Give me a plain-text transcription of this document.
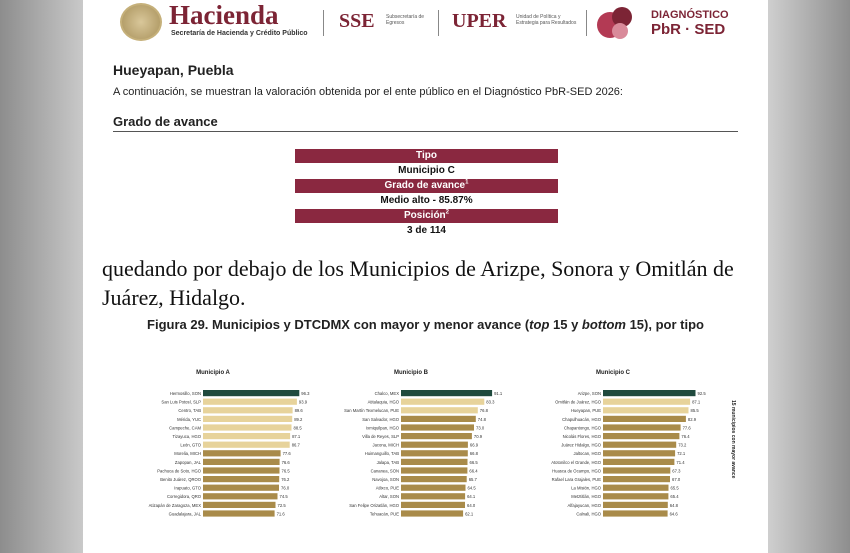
Hacienda
Secretaría de Hacienda y Crédito Público
SSE Subsecretaría de Egresos	UPER Unidad de Política y Estrategia para Resultados
DIAGNÓSTICO
PbR · SED
Hueyapan, Puebla
A continuación, se muestran la valoración obtenida por el ente público en el Diagnóstico PbR-SED 2026:
Grado de avance
Tipo
Municipio C
Grado de avance$^1$
Medio alto - 85.87%
Posición$^2$
3 de 114
quedando por debajo de los Municipios de Arizpe, Sonora y Omitlán de Juárez, Hidalgo.
Figura 29. Municipios y DTCDMX con mayor y menor avance (top 15 y bottom 15), por tipo
Municipio A
Hermosillo, SON	96.3
San Luis Potosí, SLP	93.9
Centro, TAB	89.6
Mérida, YUC	89.2
Campeche, CAM	88.5
Tizayuca, HGO	87.1
León, GTO	86.7
Morelia, MICH	77.6
Zapopan, JAL	76.6
Pachuca de Soto, HGO	76.5
Benito Juárez, QROO	76.2
Irapuato, GTO	76.0
Corregidora, QRO	74.5
Atizapán de Zaragoza, MEX	72.5
Guadalajara, JAL	71.6
Municipio B
Chalco, MEX	91.1
Atitalaquia, HGO	83.3
San Martín Texmelucan, PUE	76.8
San Salvador, HGO	74.8
Ixmiquilpan, HGO	73.0
Villa de Reyes, SLP	70.9
Jacona, MICH	66.9
Huimanguillo, TAB	66.8
Jalapa, TAB	66.5
Cananea, SON	66.4
Navojoa, SON	65.7
Atlixco, PUE	64.5
Altar, SON	64.1
San Felipe Orizatlán, HGO	64.0
Tehuacán, PUE	62.1
Municipio C
Arizpe, SON	92.5
Omitlán de Juárez, HGO	87.1
Hueyapan, PUE	85.5
Chapulhuacán, HGO	82.9
Chapantongo, HGO	77.6
Nicolás Flores, HGO	76.4
Juárez Hidalgo, HGO	73.2
Jaltocan, HGO	72.1
Atotonilco el Grande, HGO	71.4
Huasca de Ocampo, HGO	67.3
Rafael Lara Grajales, PUE	67.0
La Misión, HGO	65.5
Metztitlán, HGO	65.4
Alfajayucan, HGO	64.8
Calnali, HGO	64.6
15 municipios con mayor avance
